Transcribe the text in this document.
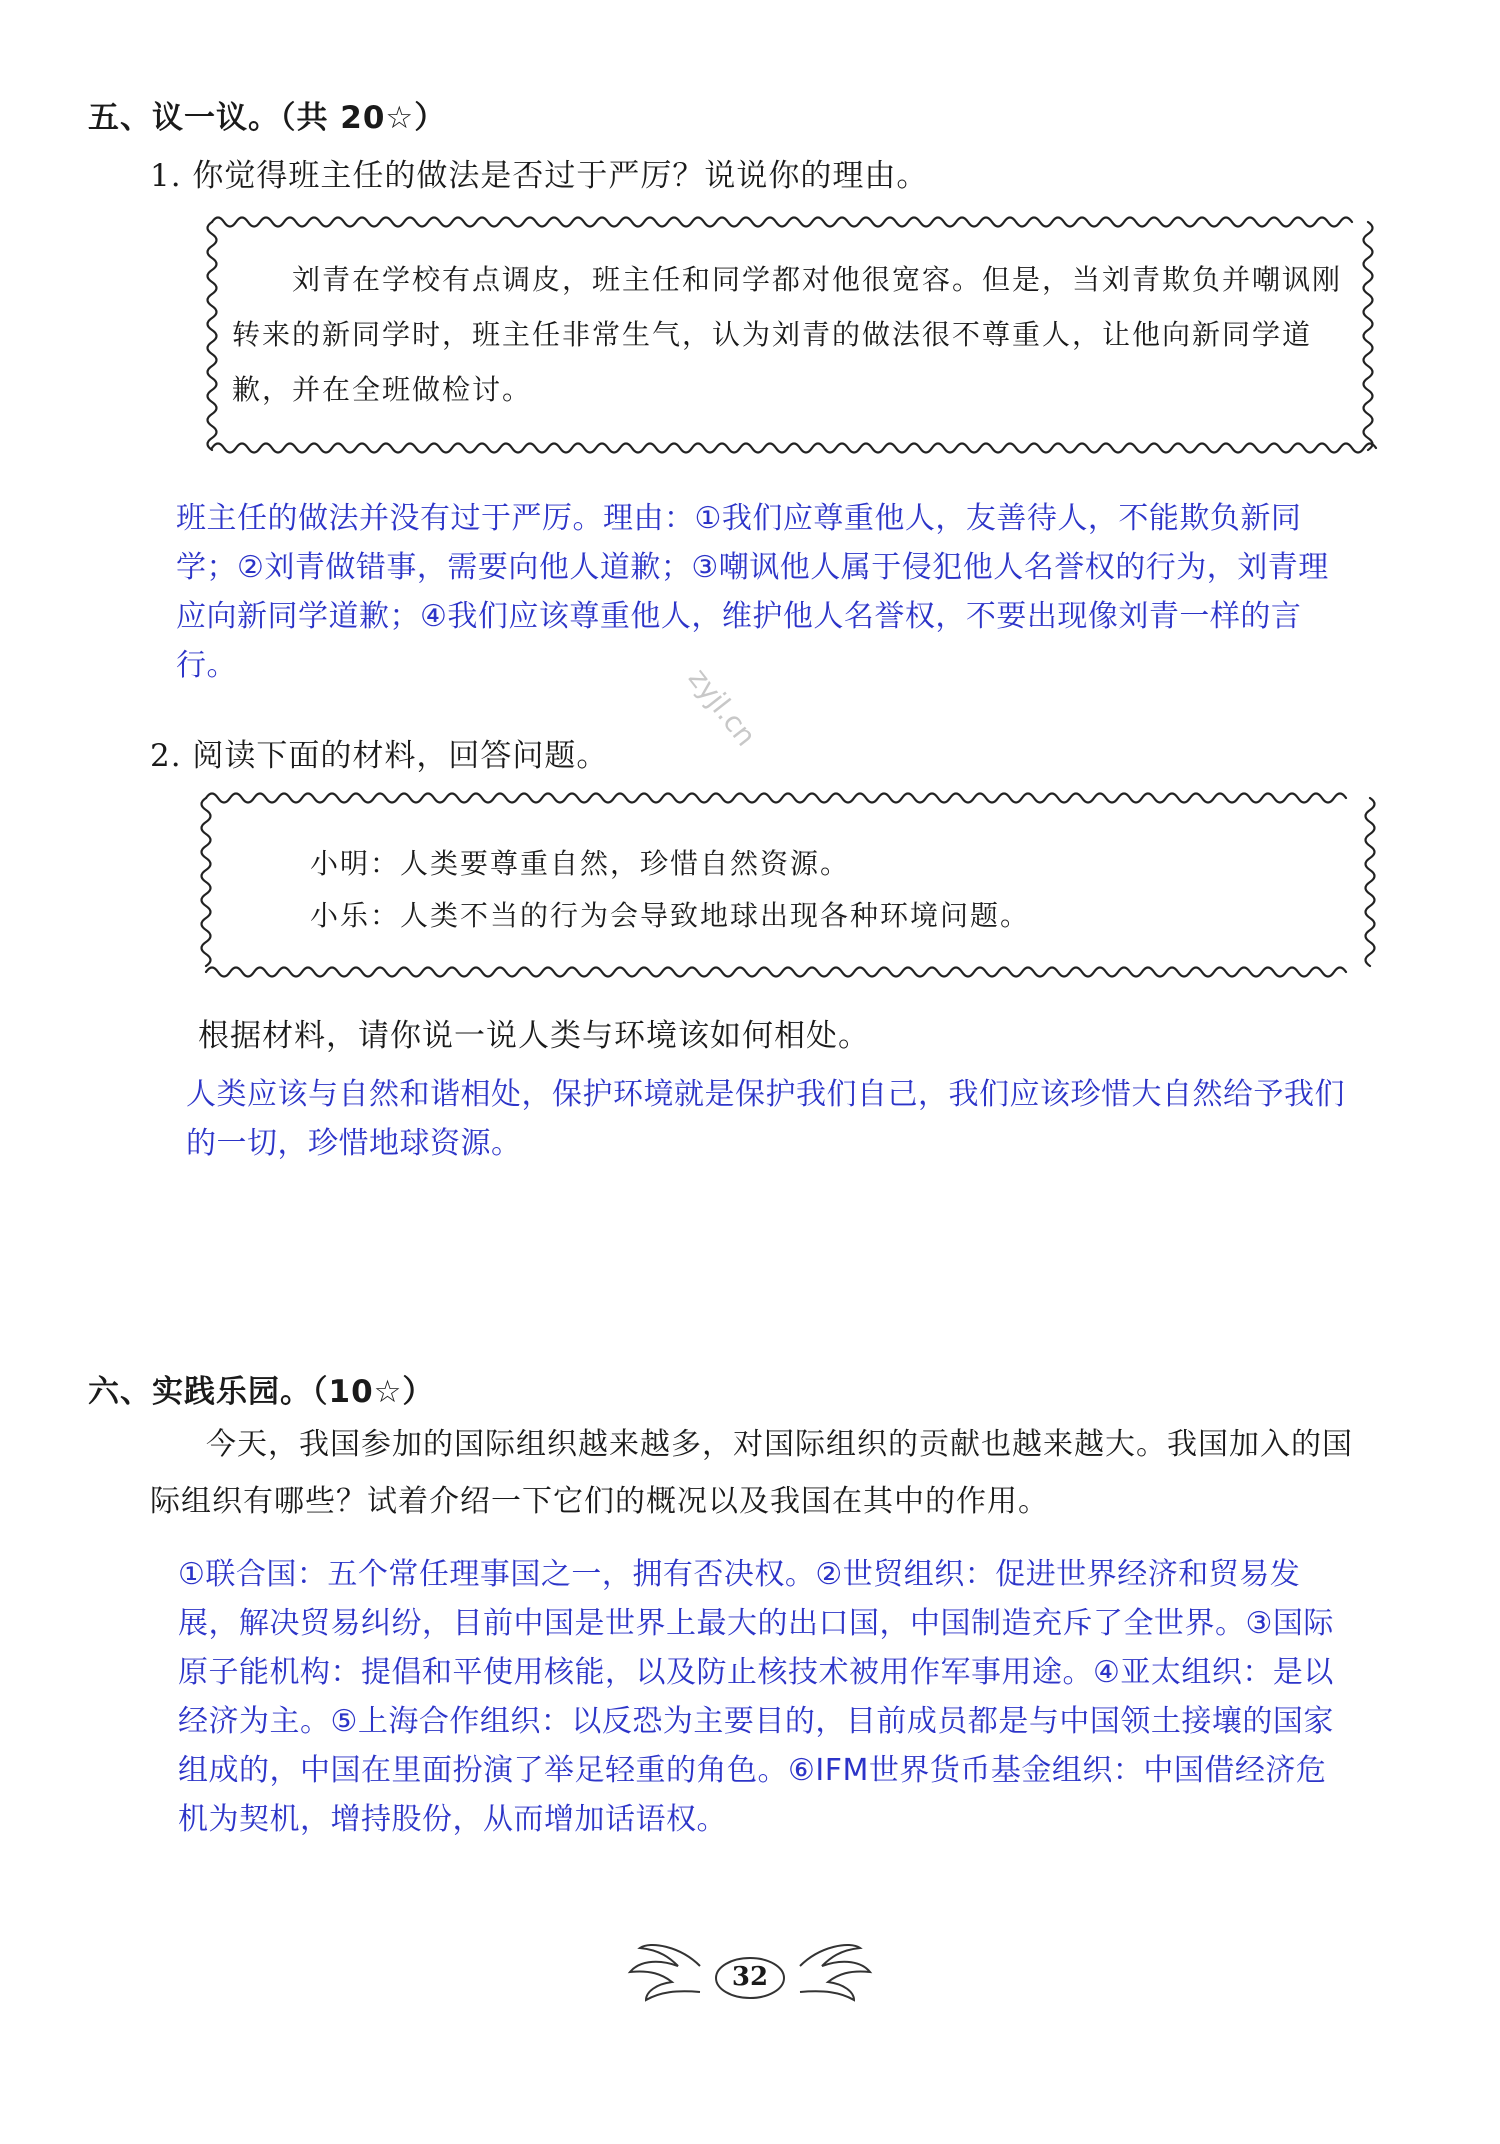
五、议一议。（共 20☆）
1. 你觉得班主任的做法是否过于严厉？说说你的理由。
刘青在学校有点调皮，班主任和同学都对他很宽容。但是，当刘青欺负并嘲讽刚转来的新同学时，班主任非常生气，认为刘青的做法很不尊重人，让他向新同学道歉，并在全班做检讨。
班主任的做法并没有过于严厉。理由：①我们应尊重他人，友善待人，不能欺负新同学；②刘青做错事，需要向他人道歉；③嘲讽他人属于侵犯他人名誉权的行为，刘青理应向新同学道歉；④我们应该尊重他人，维护他人名誉权，不要出现像刘青一样的言行。	zyjl.cn
2. 阅读下面的材料，回答问题。
小明：人类要尊重自然，珍惜自然资源。
小乐：人类不当的行为会导致地球出现各种环境问题。
根据材料，请你说一说人类与环境该如何相处。
人类应该与自然和谐相处，保护环境就是保护我们自己，我们应该珍惜大自然给予我们的一切，珍惜地球资源。
六、实践乐园。（10☆）
今天，我国参加的国际组织越来越多，对国际组织的贡献也越来越大。我国加入的国际组织有哪些？试着介绍一下它们的概况以及我国在其中的作用。
①联合国：五个常任理事国之一，拥有否决权。②世贸组织：促进世界经济和贸易发展，解决贸易纠纷，目前中国是世界上最大的出口国，中国制造充斥了全世界。③国际原子能机构：提倡和平使用核能，以及防止核技术被用作军事用途。④亚太组织：是以经济为主。⑤上海合作组织：以反恐为主要目的，目前成员都是与中国领土接壤的国家组成的，中国在里面扮演了举足轻重的角色。⑥IFM世界货币基金组织：中国借经济危机为契机，增持股份，从而增加话语权。
32
